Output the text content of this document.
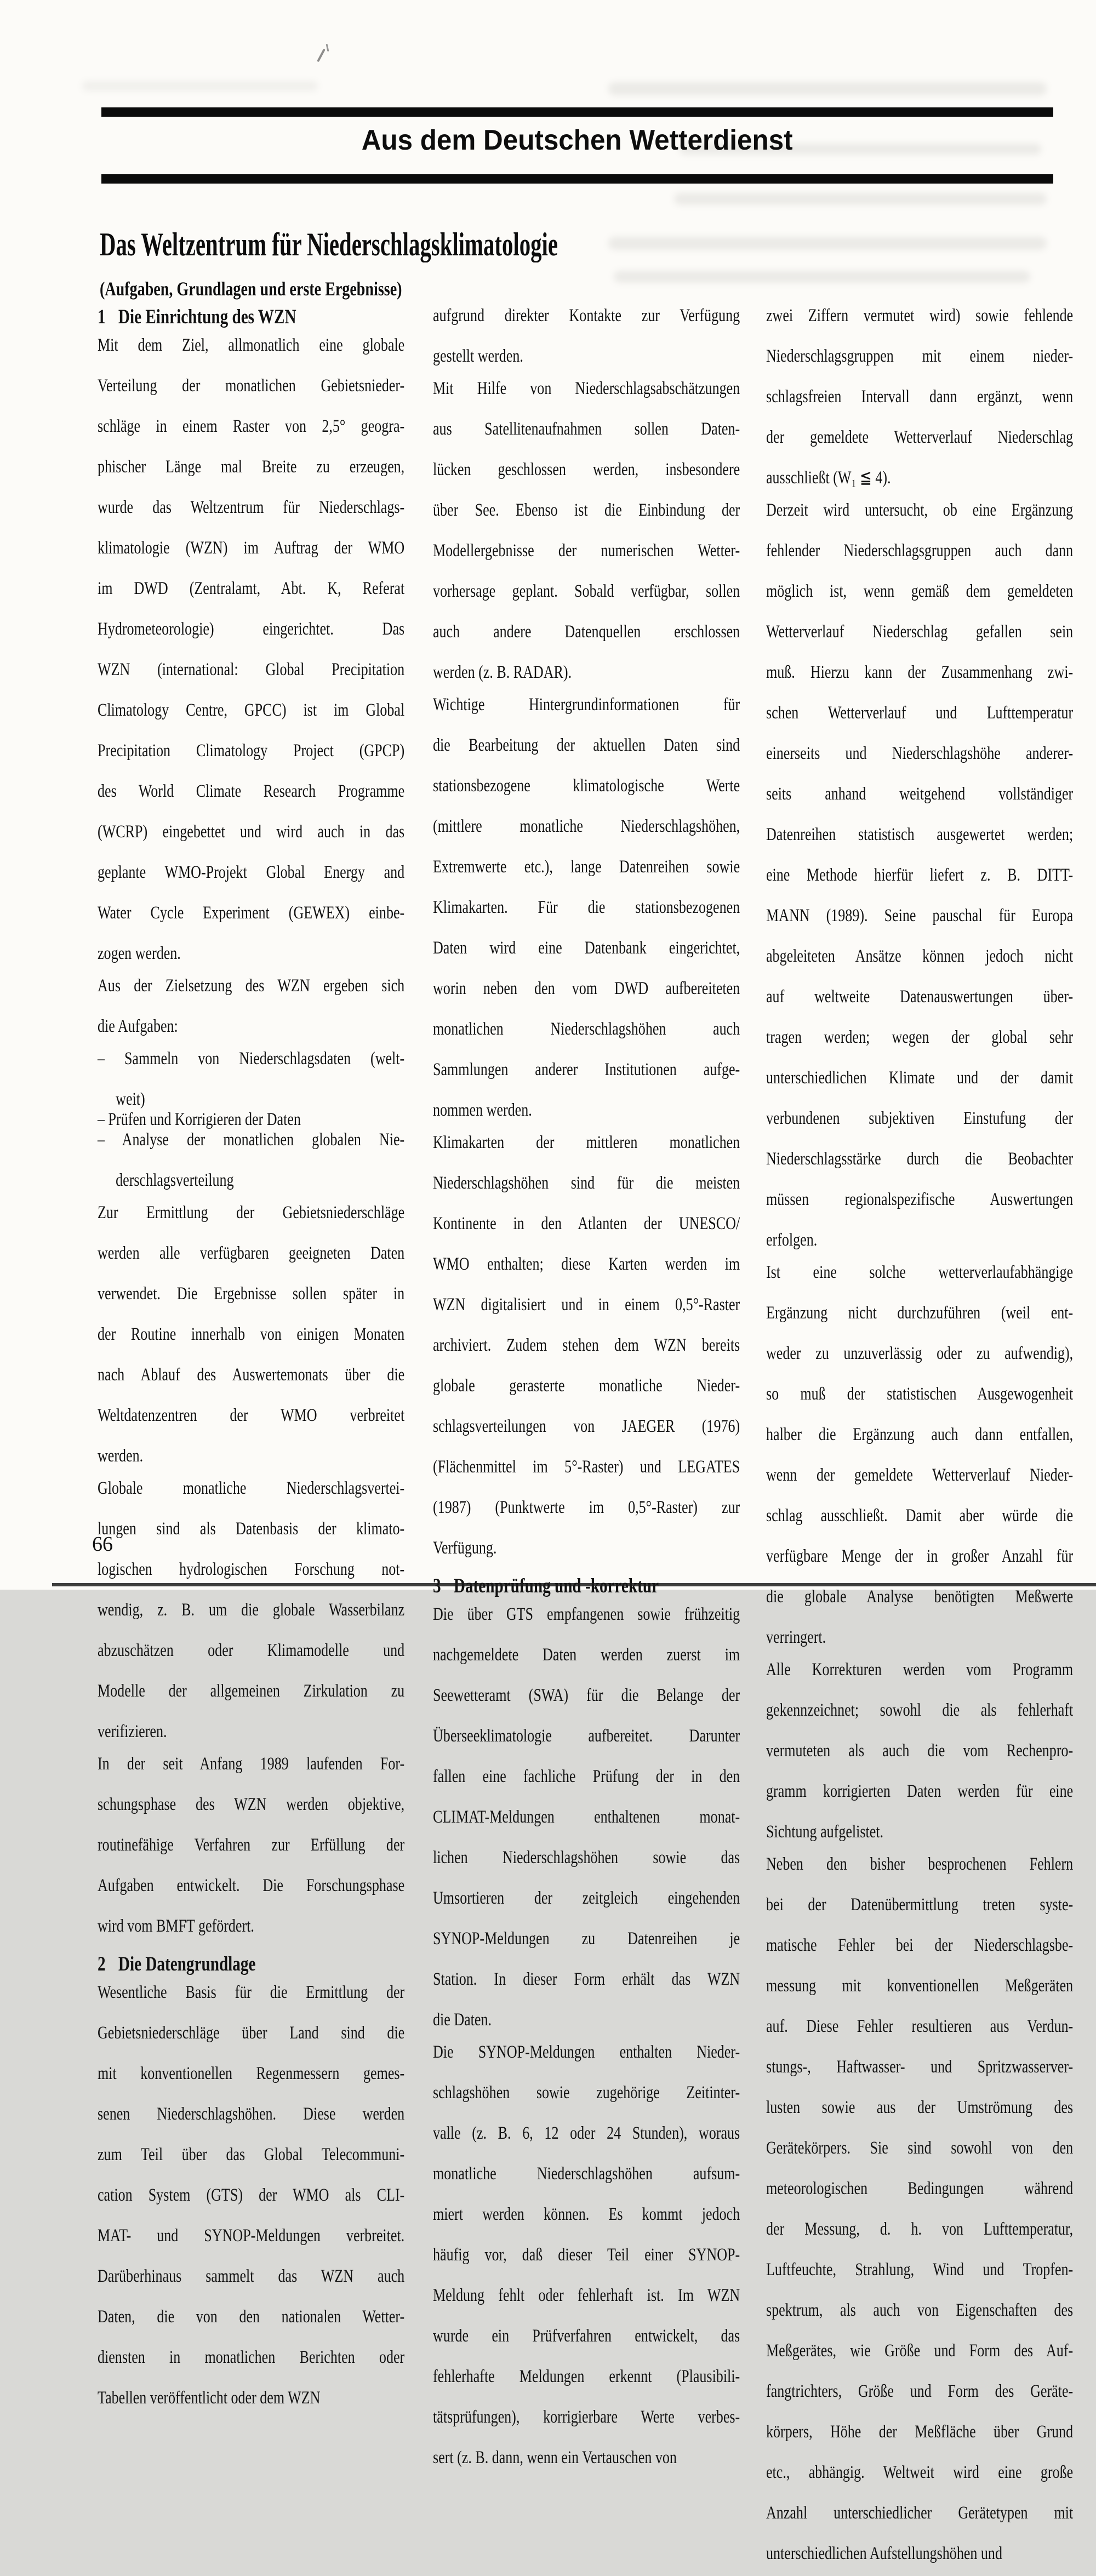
Aus dem Deutschen Wetterdienst
Das Weltzentrum für Niederschlagsklimatologie
(Aufgaben, Grundlagen und erste Ergebnisse)
1 Die Einrichtung des WZN
Mit dem Ziel, allmonatlich eine globale
Verteilung der monatlichen Gebietsnieder-
schläge in einem Raster von 2,5° geogra-
phischer Länge mal Breite zu erzeugen,
wurde das Weltzentrum für Niederschlags-
klimatologie (WZN) im Auftrag der WMO
im DWD (Zentralamt, Abt. K, Referat
Hydrometeorologie) eingerichtet. Das
WZN (international: Global Precipitation
Climatology Centre, GPCC) ist im Global
Precipitation Climatology Project (GPCP)
des World Climate Research Programme
(WCRP) eingebettet und wird auch in das
geplante WMO-Projekt Global Energy and
Water Cycle Experiment (GEWEX) einbe-
zogen werden.
Aus der Zielsetzung des WZN ergeben sich
die Aufgaben:
– Sammeln von Niederschlagsdaten (welt-
weit)
– Prüfen und Korrigieren der Daten
– Analyse der monatlichen globalen Nie-
derschlagsverteilung
Zur Ermittlung der Gebietsniederschläge
werden alle verfügbaren geeigneten Daten
verwendet. Die Ergebnisse sollen später in
der Routine innerhalb von einigen Monaten
nach Ablauf des Auswertemonats über die
Weltdatenzentren der WMO verbreitet
werden.
Globale monatliche Niederschlagsvertei-
lungen sind als Datenbasis der klimato-
logischen hydrologischen Forschung not-
wendig, z. B. um die globale Wasserbilanz
abzuschätzen oder Klimamodelle und
Modelle der allgemeinen Zirkulation zu
verifizieren.
In der seit Anfang 1989 laufenden For-
schungsphase des WZN werden objektive,
routinefähige Verfahren zur Erfüllung der
Aufgaben entwickelt. Die Forschungsphase
wird vom BMFT gefördert.
2 Die Datengrundlage
Wesentliche Basis für die Ermittlung der
Gebietsniederschläge über Land sind die
mit konventionellen Regenmessern gemes-
senen Niederschlagshöhen. Diese werden
zum Teil über das Global Telecommuni-
cation System (GTS) der WMO als CLI-
MAT- und SYNOP-Meldungen verbreitet.
Darüberhinaus sammelt das WZN auch
Daten, die von den nationalen Wetter-
diensten in monatlichen Berichten oder
Tabellen veröffentlicht oder dem WZN
aufgrund direkter Kontakte zur Verfügung
gestellt werden.
Mit Hilfe von Niederschlagsabschätzungen
aus Satellitenaufnahmen sollen Daten-
lücken geschlossen werden, insbesondere
über See. Ebenso ist die Einbindung der
Modellergebnisse der numerischen Wetter-
vorhersage geplant. Sobald verfügbar, sollen
auch andere Datenquellen erschlossen
werden (z. B. RADAR).
Wichtige Hintergrundinformationen für
die Bearbeitung der aktuellen Daten sind
stationsbezogene klimatologische Werte
(mittlere monatliche Niederschlagshöhen,
Extremwerte etc.), lange Datenreihen sowie
Klimakarten. Für die stationsbezogenen
Daten wird eine Datenbank eingerichtet,
worin neben den vom DWD aufbereiteten
monatlichen Niederschlagshöhen auch
Sammlungen anderer Institutionen aufge-
nommen werden.
Klimakarten der mittleren monatlichen
Niederschlagshöhen sind für die meisten
Kontinente in den Atlanten der UNESCO/
WMO enthalten; diese Karten werden im
WZN digitalisiert und in einem 0,5°-Raster
archiviert. Zudem stehen dem WZN bereits
globale gerasterte monatliche Nieder-
schlagsverteilungen von JAEGER (1976)
(Flächenmittel im 5°-Raster) und LEGATES
(1987) (Punktwerte im 0,5°-Raster) zur
Verfügung.
Die über GTS empfangenen sowie frühzeitig
nachgemeldete Daten werden zuerst im
Seewetteramt (SWA) für die Belange der
Überseeklimatologie aufbereitet. Darunter
fallen eine fachliche Prüfung der in den
CLIMAT-Meldungen enthaltenen monat-
lichen Niederschlagshöhen sowie das
Umsortieren der zeitgleich eingehenden
SYNOP-Meldungen zu Datenreihen je
Station. In dieser Form erhält das WZN
die Daten.
Die SYNOP-Meldungen enthalten Nieder-
schlagshöhen sowie zugehörige Zeitinter-
valle (z. B. 6, 12 oder 24 Stunden), woraus
monatliche Niederschlagshöhen aufsum-
miert werden können. Es kommt jedoch
häufig vor, daß dieser Teil einer SYNOP-
Meldung fehlt oder fehlerhaft ist. Im WZN
wurde ein Prüfverfahren entwickelt, das
fehlerhafte Meldungen erkennt (Plausibili-
tätsprüfungen), korrigierbare Werte verbes-
sert (z. B. dann, wenn ein Vertauschen von
zwei Ziffern vermutet wird) sowie fehlende
Niederschlagsgruppen mit einem nieder-
schlagsfreien Intervall dann ergänzt, wenn
der gemeldete Wetterverlauf Niederschlag
ausschließt (W₁ ≦ 4).
Derzeit wird untersucht, ob eine Ergänzung
fehlender Niederschlagsgruppen auch dann
möglich ist, wenn gemäß dem gemeldeten
Wetterverlauf Niederschlag gefallen sein
muß. Hierzu kann der Zusammenhang zwi-
schen Wetterverlauf und Lufttemperatur
einerseits und Niederschlagshöhe anderer-
seits anhand weitgehend vollständiger
Datenreihen statistisch ausgewertet werden;
eine Methode hierfür liefert z. B. DITT-
MANN (1989). Seine pauschal für Europa
abgeleiteten Ansätze können jedoch nicht
auf weltweite Datenauswertungen über-
tragen werden; wegen der global sehr
unterschiedlichen Klimate und der damit
verbundenen subjektiven Einstufung der
Niederschlagsstärke durch die Beobachter
müssen regionalspezifische Auswertungen
erfolgen.
Ist eine solche wetterverlaufabhängige
Ergänzung nicht durchzuführen (weil ent-
weder zu unzuverlässig oder zu aufwendig),
so muß der statistischen Ausgewogenheit
halber die Ergänzung auch dann entfallen,
wenn der gemeldete Wetterverlauf Nieder-
schlag ausschließt. Damit aber würde die
verfügbare Menge der in großer Anzahl für
die globale Analyse benötigten Meßwerte
verringert.
Alle Korrekturen werden vom Programm
gekennzeichnet; sowohl die als fehlerhaft
vermuteten als auch die vom Rechenpro-
gramm korrigierten Daten werden für eine
Sichtung aufgelistet.
Neben den bisher besprochenen Fehlern
bei der Datenübermittlung treten syste-
matische Fehler bei der Niederschlagsbe-
messung mit konventionellen Meßgeräten
auf. Diese Fehler resultieren aus Verdun-
stungs-, Haftwasser- und Spritzwasserver-
lusten sowie aus der Umströmung des
Gerätekörpers. Sie sind sowohl von den
meteorologischen Bedingungen während
der Messung, d. h. von Lufttemperatur,
Luftfeuchte, Strahlung, Wind und Tropfen-
spektrum, als auch von Eigenschaften des
Meßgerätes, wie Größe und Form des Auf-
fangtrichters, Größe und Form des Geräte-
körpers, Höhe der Meßfläche über Grund
etc., abhängig. Weltweit wird eine große
Anzahl unterschiedlicher Gerätetypen mit
unterschiedlichen Aufstellungshöhen und
66
